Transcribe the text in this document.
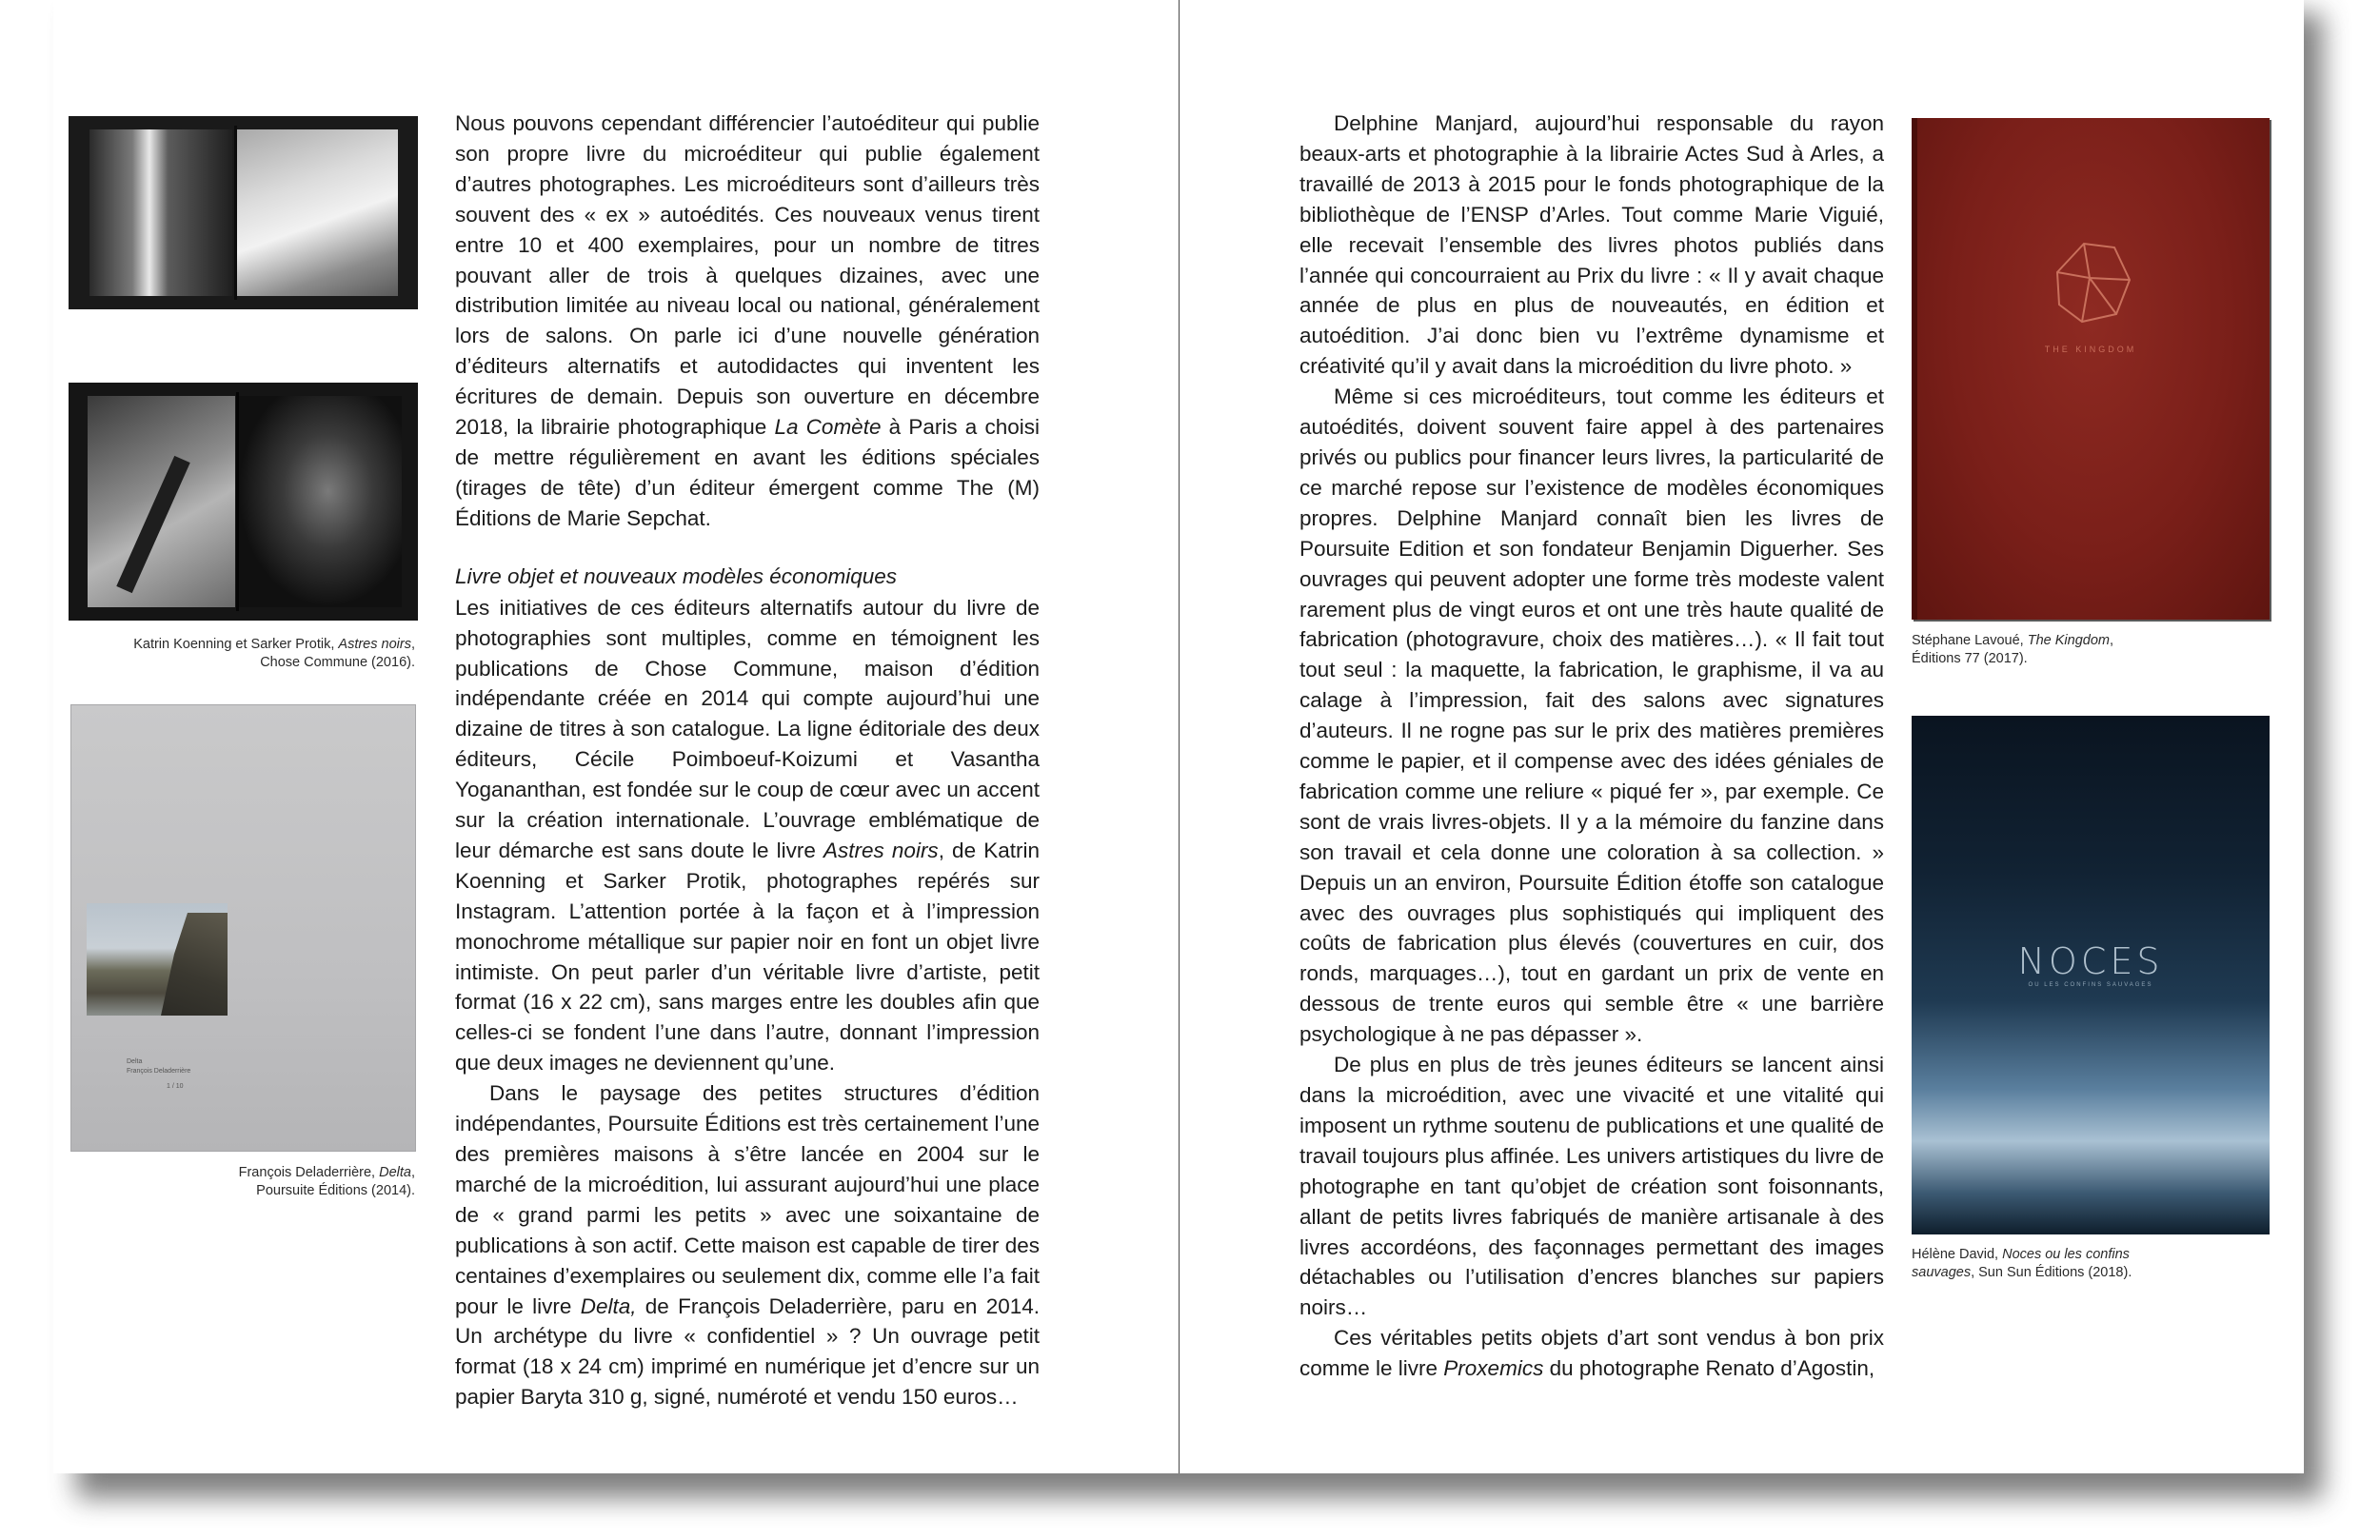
Katrin Koenning et Sarker Protik, Astres noirs, Chose Commune (2016).
Delta
François Deladerrière
1 / 10
François Deladerrière, Delta, Poursuite Éditions (2014).

Nous pouvons cependant différencier l’autoéditeur qui publie son propre livre du microéditeur qui publie également d’autres photographes. Les microéditeurs sont d’ailleurs très souvent des « ex » autoédités. Ces nouveaux venus tirent entre 10 et 400 exemplaires, pour un nombre de titres pouvant aller de trois à quelques dizaines, avec une distribution limitée au niveau local ou national, généralement lors de salons. On parle ici d’une nouvelle génération d’éditeurs alternatifs et autodidactes qui inventent les écritures de demain. Depuis son ouverture en décembre 2018, la librairie photographique La Comète à Paris a choisi de mettre régulièrement en avant les éditions spéciales (tirages de tête) d’un éditeur émergent comme The (M) Éditions de Marie Sepchat.

Livre objet et nouveaux modèles économiques

Les initiatives de ces éditeurs alternatifs autour du livre de photographies sont multiples, comme en témoignent les publications de Chose Commune, maison d’édition indépendante créée en 2014 qui compte aujourd’hui une dizaine de titres à son catalogue. La ligne éditoriale des deux éditeurs, Cécile Poimboeuf-Koizumi et Vasantha Yogananthan, est fondée sur le coup de cœur avec un accent sur la création internationale. L’ouvrage emblématique de leur démarche est sans doute le livre Astres noirs, de Katrin Koenning et Sarker Protik, photographes repérés sur Instagram. L’attention portée à la façon et à l’impression monochrome métallique sur papier noir en font un objet livre intimiste. On peut parler d’un véritable livre d’artiste, petit format (16 x 22 cm), sans marges entre les doubles afin que celles-ci se fondent l’une dans l’autre, donnant l’impression que deux images ne deviennent qu’une.

Dans le paysage des petites structures d’édition indépendantes, Poursuite Éditions est très certainement l’une des premières maisons à s’être lancée en 2004 sur le marché de la microédition, lui assurant aujourd’hui une place de « grand parmi les petits » avec une soixantaine de publications à son actif. Cette maison est capable de tirer des centaines d’exemplaires ou seulement dix, comme elle l’a fait pour le livre Delta, de François Deladerrière, paru en 2014. Un archétype du livre « confidentiel » ? Un ouvrage petit format (18 x 24 cm) imprimé en numérique jet d’encre sur un papier Baryta 310 g, signé, numéroté et vendu 150 euros…

Delphine Manjard, aujourd’hui responsable du rayon beaux-arts et photographie à la librairie Actes Sud à Arles, a travaillé de 2013 à 2015 pour le fonds photographique de la bibliothèque de l’ENSP d’Arles. Tout comme Marie Viguié, elle recevait l’ensemble des livres photos publiés dans l’année qui concourraient au Prix du livre : « Il y avait chaque année de plus en plus de nouveautés, en édition et autoédition. J’ai donc bien vu l’extrême dynamisme et créativité qu’il y avait dans la microédition du livre photo. »

Même si ces microéditeurs, tout comme les éditeurs et autoédités, doivent souvent faire appel à des partenaires privés ou publics pour financer leurs livres, la particularité de ce marché repose sur l’existence de modèles économiques propres. Delphine Manjard connaît bien les livres de Poursuite Edition et son fondateur Benjamin Diguerher. Ses ouvrages qui peuvent adopter une forme très modeste valent rarement plus de vingt euros et ont une très haute qualité de fabrication (photogravure, choix des matières…). « Il fait tout tout seul : la maquette, la fabrication, le graphisme, il va au calage à l’impression, fait des salons avec signatures d’auteurs. Il ne rogne pas sur le prix des matières premières comme le papier, et il compense avec des idées géniales de fabrication comme une reliure « piqué fer », par exemple. Ce sont de vrais livres-objets. Il y a la mémoire du fanzine dans son travail et cela donne une coloration à sa collection. » Depuis un an environ, Poursuite Édition étoffe son catalogue avec des ouvrages plus sophistiqués qui impliquent des coûts de fabrication plus élevés (couvertures en cuir, dos ronds, marquages…), tout en gardant un prix de vente en dessous de trente euros qui semble être « une barrière psychologique à ne pas dépasser ».

De plus en plus de très jeunes éditeurs se lancent ainsi dans la microédition, avec une vivacité et une vitalité qui imposent un rythme soutenu de publications et une qualité de travail toujours plus affinée. Les univers artistiques du livre de photographe en tant qu’objet de création sont foisonnants, allant de petits livres fabriqués de manière artisanale à des livres accordéons, des façonnages permettant des images détachables ou l’utilisation d’encres blanches sur papiers noirs…

Ces véritables petits objets d’art sont vendus à bon prix comme le livre Proxemics du photographe Renato d’Agostin,

THE KINGDOM
Stéphane Lavoué, The Kingdom, Éditions 77 (2017).
NOCES
OU LES CONFINS SAUVAGES
Hélène David, Noces ou les confins sauvages, Sun Sun Éditions (2018).
